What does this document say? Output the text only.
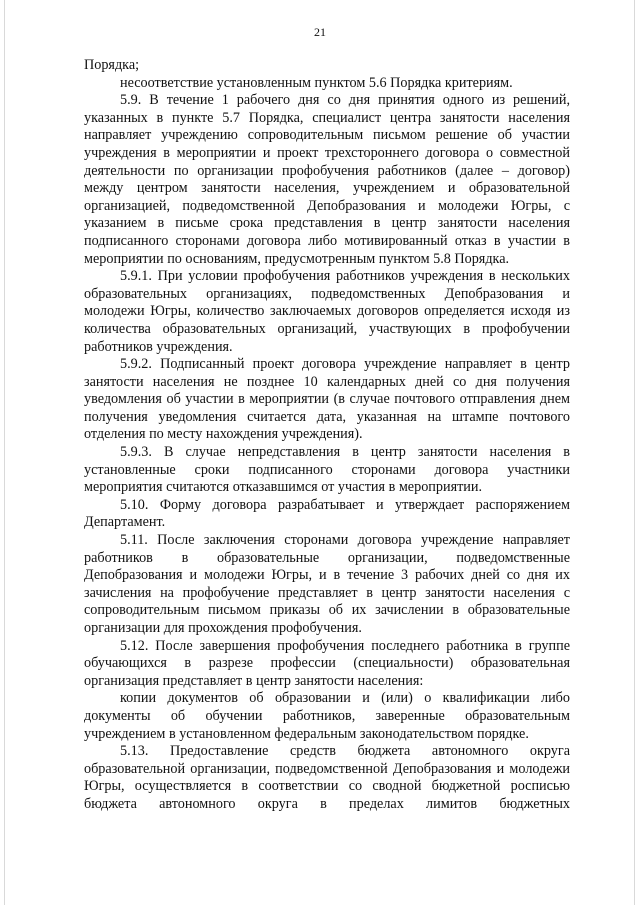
21

Порядка;

несоответствие установленным пунктом 5.6 Порядка критериям.

5.9. В течение 1 рабочего дня со дня принятия одного из решений, указанных в пункте 5.7 Порядка, специалист центра занятости населения направляет учреждению сопроводительным письмом решение об участии учреждения в мероприятии и проект трехстороннего договора о совместной деятельности по организации профобучения работников (далее – договор) между центром занятости населения, учреждением и образовательной организацией, подведомственной Депобразования и молодежи Югры, с указанием в письме срока представления в центр занятости населения подписанного сторонами договора либо мотивированный отказ в участии в мероприятии по основаниям, предусмотренным пунктом 5.8 Порядка.

5.9.1. При условии профобучения работников учреждения в нескольких образовательных организациях, подведомственных Депобразования и молодежи Югры, количество заключаемых договоров определяется исходя из количества образовательных организаций, участвующих в профобучении работников учреждения.

5.9.2. Подписанный проект договора учреждение направляет в центр занятости населения не позднее 10 календарных дней со дня получения уведомления об участии в мероприятии (в случае почтового отправления днем получения уведомления считается дата, указанная на штампе почтового отделения по месту нахождения учреждения).

5.9.3. В случае непредставления в центр занятости населения в установленные сроки подписанного сторонами договора участники мероприятия считаются отказавшимся от участия в мероприятии.

5.10. Форму договора разрабатывает и утверждает распоряжением Департамент.

5.11. После заключения сторонами договора учреждение направляет работников в образовательные организации, подведомственные Депобразования и молодежи Югры, и в течение 3 рабочих дней со дня их зачисления на профобучение представляет в центр занятости населения с сопроводительным письмом приказы об их зачислении в образовательные организации для прохождения профобучения.

5.12. После завершения профобучения последнего работника в группе обучающихся в разрезе профессии (специальности) образовательная организация представляет в центр занятости населения:

копии документов об образовании и (или) о квалификации либо документы об обучении работников, заверенные образовательным учреждением в установленном федеральным законодательством порядке.

5.13. Предоставление средств бюджета автономного округа образовательной организации, подведомственной Депобразования и молодежи Югры, осуществляется в соответствии со сводной бюджетной росписью бюджета автономного округа в пределах лимитов бюджетных
